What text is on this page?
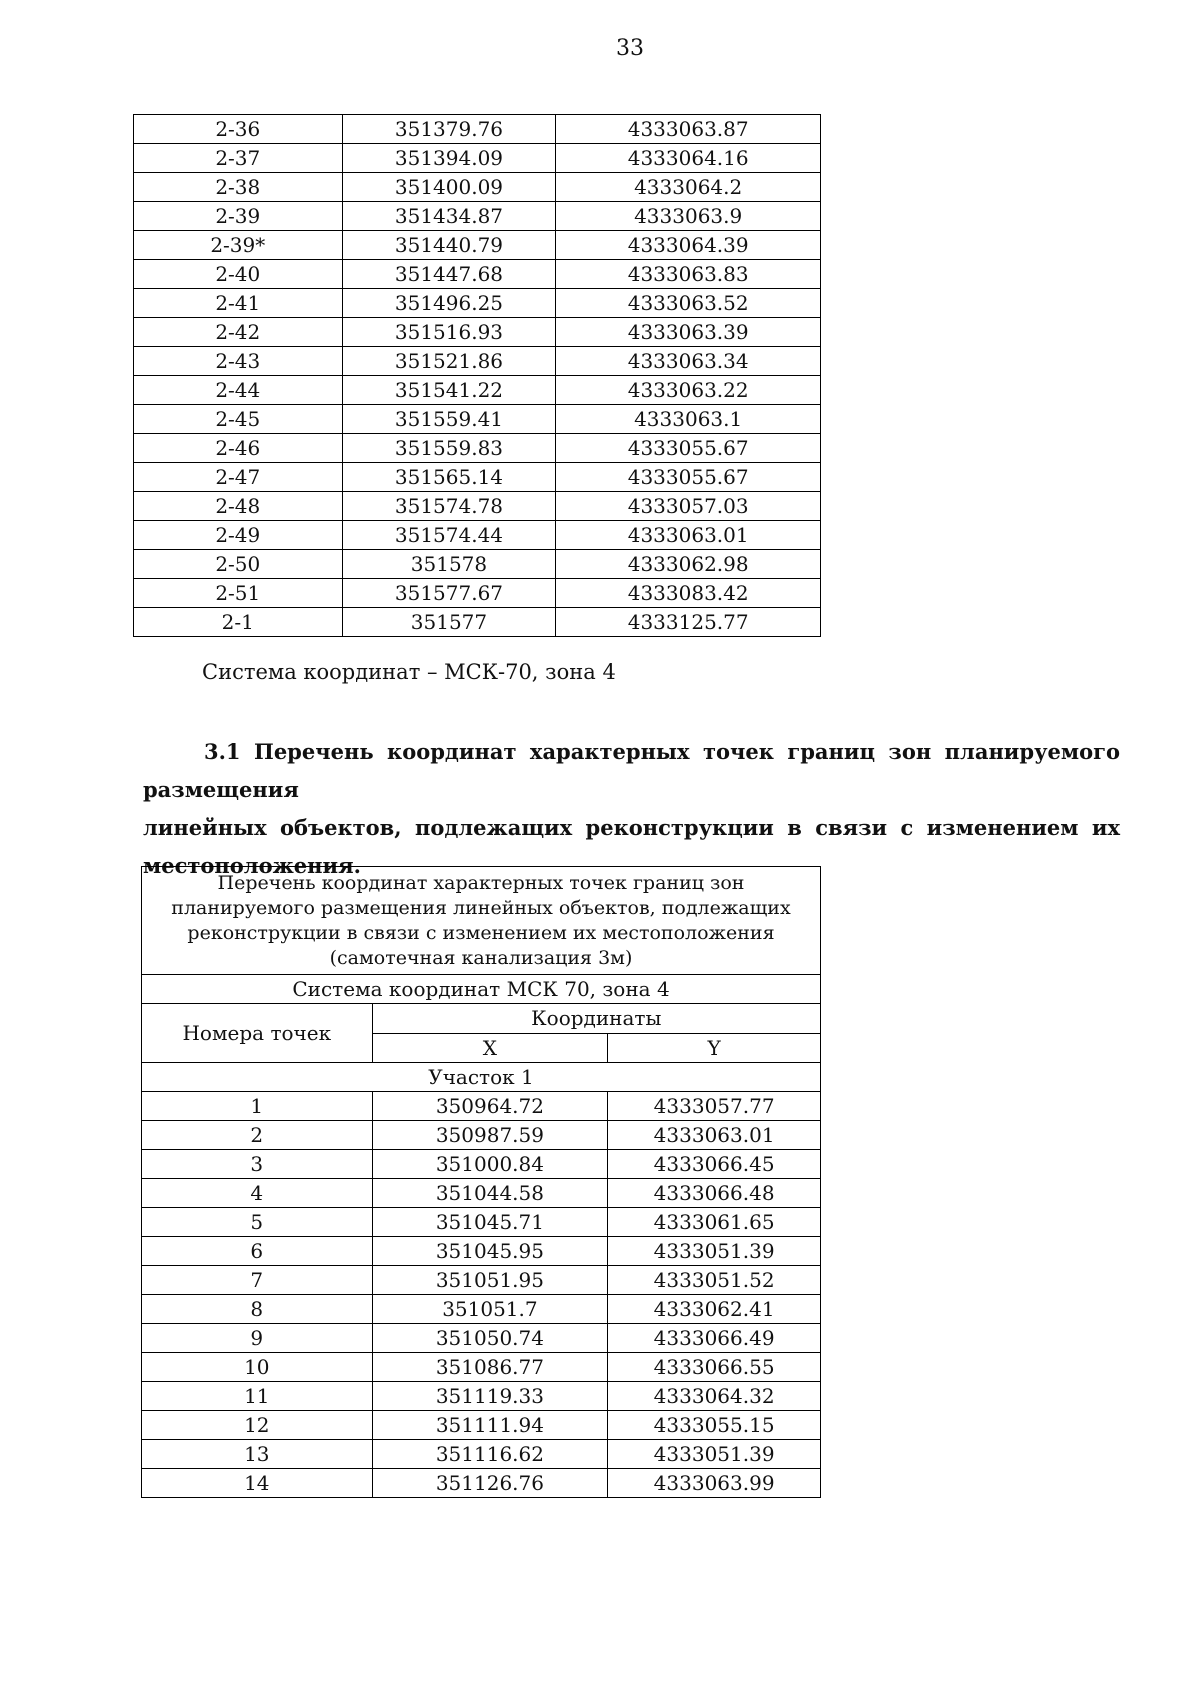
33
2-36	351379.76	4333063.87
2-37	351394.09	4333064.16
2-38	351400.09	4333064.2
2-39	351434.87	4333063.9
2-39*	351440.79	4333064.39
2-40	351447.68	4333063.83
2-41	351496.25	4333063.52
2-42	351516.93	4333063.39
2-43	351521.86	4333063.34
2-44	351541.22	4333063.22
2-45	351559.41	4333063.1
2-46	351559.83	4333055.67
2-47	351565.14	4333055.67
2-48	351574.78	4333057.03
2-49	351574.44	4333063.01
2-50	351578	4333062.98
2-51	351577.67	4333083.42
2-1	351577	4333125.77
Система координат – МСК-70, зона 4
3.1 Перечень координат характерных точек границ зон планируемого размещения
линейных объектов, подлежащих реконструкции в связи с изменением их
местоположения.
Перечень координат характерных точек границ зон планируемого размещения линейных объектов, подлежащих реконструкции в связи с изменением их местоположения (самотечная канализация 3м)		
Система координат МСК 70, зона 4		
Номера точек	Координаты	
	X	Y
Участок 1		
1	350964.72	4333057.77
2	350987.59	4333063.01
3	351000.84	4333066.45
4	351044.58	4333066.48
5	351045.71	4333061.65
6	351045.95	4333051.39
7	351051.95	4333051.52
8	351051.7	4333062.41
9	351050.74	4333066.49
10	351086.77	4333066.55
11	351119.33	4333064.32
12	351111.94	4333055.15
13	351116.62	4333051.39
14	351126.76	4333063.99
